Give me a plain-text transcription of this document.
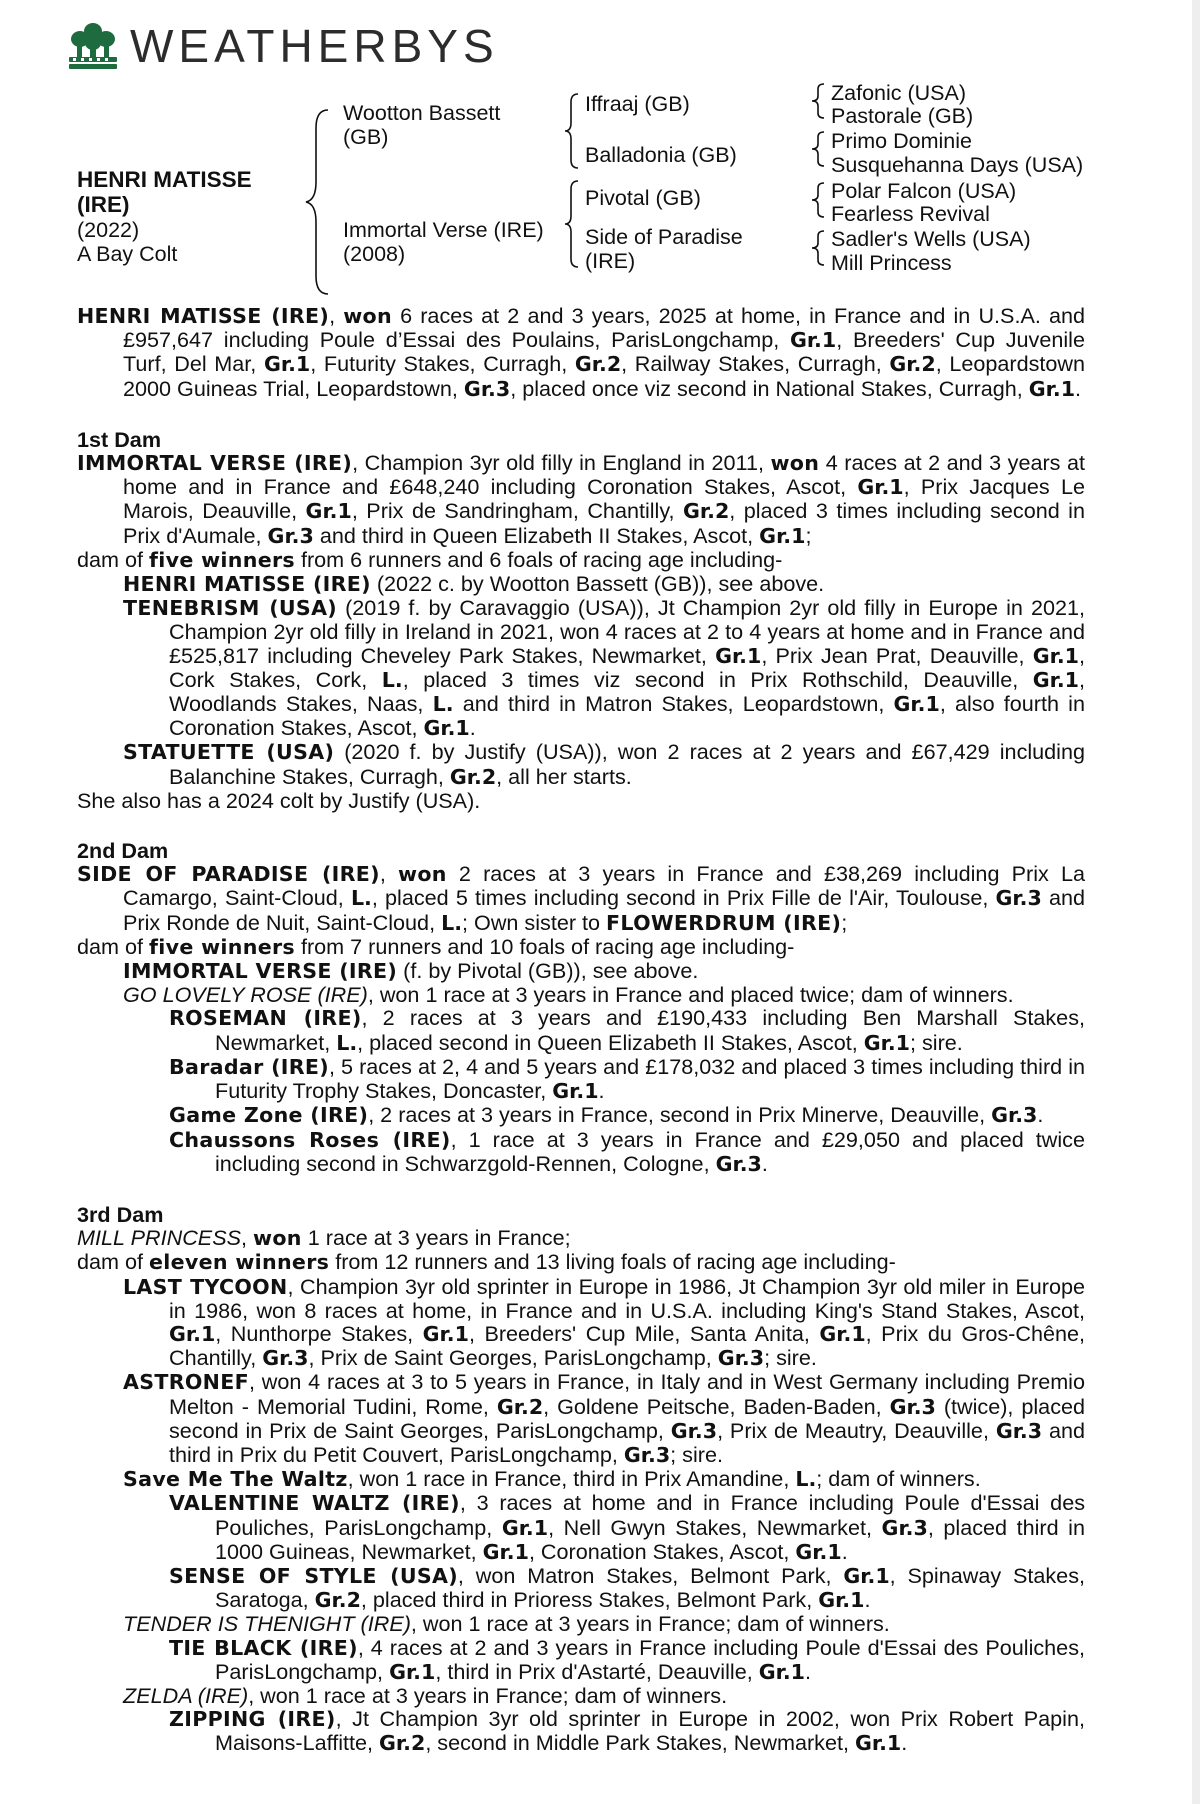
WEATHERBYS
HENRI MATISSE
(IRE)
(2022)
A Bay Colt
Wootton Bassett
(GB)
Immortal Verse (IRE)
(2008)
Iffraaj (GB)
Balladonia (GB)
Pivotal (GB)
Side of Paradise
(IRE)
Zafonic (USA)
Pastorale (GB)
Primo Dominie
Susquehanna Days (USA)
Polar Falcon (USA)
Fearless Revival
Sadler's Wells (USA)
Mill Princess

HENRI MATISSE (IRE), won 6 races at 2 and 3 years, 2025 at home, in France and in U.S.A. and £957,647 including Poule d’Essai des Poulains, ParisLongchamp, Gr.1, Breeders' Cup Juvenile Turf, Del Mar, Gr.1, Futurity Stakes, Curragh, Gr.2, Railway Stakes, Curragh, Gr.2, Leopardstown 2000 Guineas Trial, Leopardstown, Gr.3, placed once viz second in National Stakes, Curragh, Gr.1.

1st Dam

IMMORTAL VERSE (IRE), Champion 3yr old filly in England in 2011, won 4 races at 2 and 3 years at home and in France and £648,240 including Coronation Stakes, Ascot, Gr.1, Prix Jacques Le Marois, Deauville, Gr.1, Prix de Sandringham, Chantilly, Gr.2, placed 3 times including second in Prix d'Aumale, Gr.3 and third in Queen Elizabeth II Stakes, Ascot, Gr.1;

dam of five winners from 6 runners and 6 foals of racing age including-

HENRI MATISSE (IRE) (2022 c. by Wootton Bassett (GB)), see above.

TENEBRISM (USA) (2019 f. by Caravaggio (USA)), Jt Champion 2yr old filly in Europe in 2021, Champion 2yr old filly in Ireland in 2021, won 4 races at 2 to 4 years at home and in France and £525,817 including Cheveley Park Stakes, Newmarket, Gr.1, Prix Jean Prat, Deauville, Gr.1, Cork Stakes, Cork, L., placed 3 times viz second in Prix Rothschild, Deauville, Gr.1, Woodlands Stakes, Naas, L. and third in Matron Stakes, Leopardstown, Gr.1, also fourth in Coronation Stakes, Ascot, Gr.1.

STATUETTE (USA) (2020 f. by Justify (USA)), won 2 races at 2 years and £67,429 including Balanchine Stakes, Curragh, Gr.2, all her starts.

She also has a 2024 colt by Justify (USA).

2nd Dam

SIDE OF PARADISE (IRE), won 2 races at 3 years in France and £38,269 including Prix La Camargo, Saint-Cloud, L., placed 5 times including second in Prix Fille de l'Air, Toulouse, Gr.3 and Prix Ronde de Nuit, Saint-Cloud, L.; Own sister to FLOWERDRUM (IRE);

dam of five winners from 7 runners and 10 foals of racing age including-

IMMORTAL VERSE (IRE) (f. by Pivotal (GB)), see above.

GO LOVELY ROSE (IRE), won 1 race at 3 years in France and placed twice; dam of winners.

ROSEMAN (IRE), 2 races at 3 years and £190,433 including Ben Marshall Stakes, Newmarket, L., placed second in Queen Elizabeth II Stakes, Ascot, Gr.1; sire.

Baradar (IRE), 5 races at 2, 4 and 5 years and £178,032 and placed 3 times including third in Futurity Trophy Stakes, Doncaster, Gr.1.

Game Zone (IRE), 2 races at 3 years in France, second in Prix Minerve, Deauville, Gr.3.

Chaussons Roses (IRE), 1 race at 3 years in France and £29,050 and placed twice including second in Schwarzgold-Rennen, Cologne, Gr.3.

3rd Dam

MILL PRINCESS, won 1 race at 3 years in France;

dam of eleven winners from 12 runners and 13 living foals of racing age including-

LAST TYCOON, Champion 3yr old sprinter in Europe in 1986, Jt Champion 3yr old miler in Europe in 1986, won 8 races at home, in France and in U.S.A. including King's Stand Stakes, Ascot, Gr.1, Nunthorpe Stakes, Gr.1, Breeders' Cup Mile, Santa Anita, Gr.1, Prix du Gros-Chêne, Chantilly, Gr.3, Prix de Saint Georges, ParisLongchamp, Gr.3; sire.

ASTRONEF, won 4 races at 3 to 5 years in France, in Italy and in West Germany including Premio Melton - Memorial Tudini, Rome, Gr.2, Goldene Peitsche, Baden-Baden, Gr.3 (twice), placed second in Prix de Saint Georges, ParisLongchamp, Gr.3, Prix de Meautry, Deauville, Gr.3 and third in Prix du Petit Couvert, ParisLongchamp, Gr.3; sire.

Save Me The Waltz, won 1 race in France, third in Prix Amandine, L.; dam of winners.

VALENTINE WALTZ (IRE), 3 races at home and in France including Poule d'Essai des Pouliches, ParisLongchamp, Gr.1, Nell Gwyn Stakes, Newmarket, Gr.3, placed third in 1000 Guineas, Newmarket, Gr.1, Coronation Stakes, Ascot, Gr.1.

SENSE OF STYLE (USA), won Matron Stakes, Belmont Park, Gr.1, Spinaway Stakes, Saratoga, Gr.2, placed third in Prioress Stakes, Belmont Park, Gr.1.

TENDER IS THENIGHT (IRE), won 1 race at 3 years in France; dam of winners.

TIE BLACK (IRE), 4 races at 2 and 3 years in France including Poule d'Essai des Pouliches, ParisLongchamp, Gr.1, third in Prix d'Astarté, Deauville, Gr.1.

ZELDA (IRE), won 1 race at 3 years in France; dam of winners.

ZIPPING (IRE), Jt Champion 3yr old sprinter in Europe in 2002, won Prix Robert Papin, Maisons-Laffitte, Gr.2, second in Middle Park Stakes, Newmarket, Gr.1.
